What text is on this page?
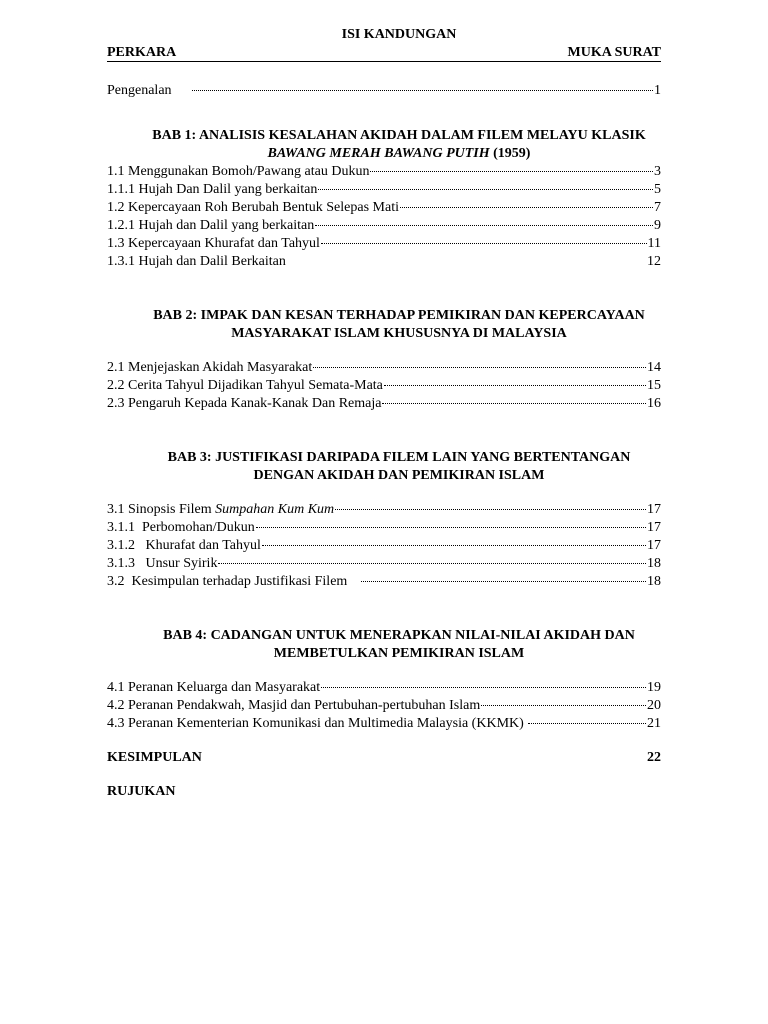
ISI KANDUNGAN
PERKARA	MUKA SURAT
Pengenalan	1
BAB 1: ANALISIS KESALAHAN AKIDAH DALAM FILEM MELAYU KLASIK
BAWANG MERAH BAWANG PUTIH (1959)
1.1 Menggunakan Bomoh/Pawang atau Dukun	3
1.1.1 Hujah Dan Dalil yang berkaitan	5
1.2 Kepercayaan Roh Berubah Bentuk Selepas Mati	7
1.2.1 Hujah dan Dalil yang berkaitan	9
1.3 Kepercayaan Khurafat dan Tahyul	11
1.3.1 Hujah dan Dalil Berkaitan	12
BAB 2: IMPAK DAN KESAN TERHADAP PEMIKIRAN DAN KEPERCAYAAN
MASYARAKAT ISLAM KHUSUSNYA DI MALAYSIA
2.1 Menjejaskan Akidah Masyarakat	14
2.2 Cerita Tahyul Dijadikan Tahyul Semata-Mata	15
2.3 Pengaruh Kepada Kanak-Kanak Dan Remaja	16
BAB 3: JUSTIFIKASI DARIPADA FILEM LAIN YANG BERTENTANGAN
DENGAN AKIDAH DAN PEMIKIRAN ISLAM
3.1 Sinopsis Filem Sumpahan Kum Kum	17
3.1.1  Perbomohan/Dukun	17
3.1.2   Khurafat dan Tahyul	17
3.1.3   Unsur Syirik	18
3.2  Kesimpulan terhadap Justifikasi Filem	18
BAB 4: CADANGAN UNTUK MENERAPKAN NILAI-NILAI AKIDAH DAN
MEMBETULKAN PEMIKIRAN ISLAM
4.1 Peranan Keluarga dan Masyarakat	19
4.2 Peranan Pendakwah, Masjid dan Pertubuhan-pertubuhan Islam	20
4.3 Peranan Kementerian Komunikasi dan Multimedia Malaysia (KKMK)	21
KESIMPULAN	22
RUJUKAN
